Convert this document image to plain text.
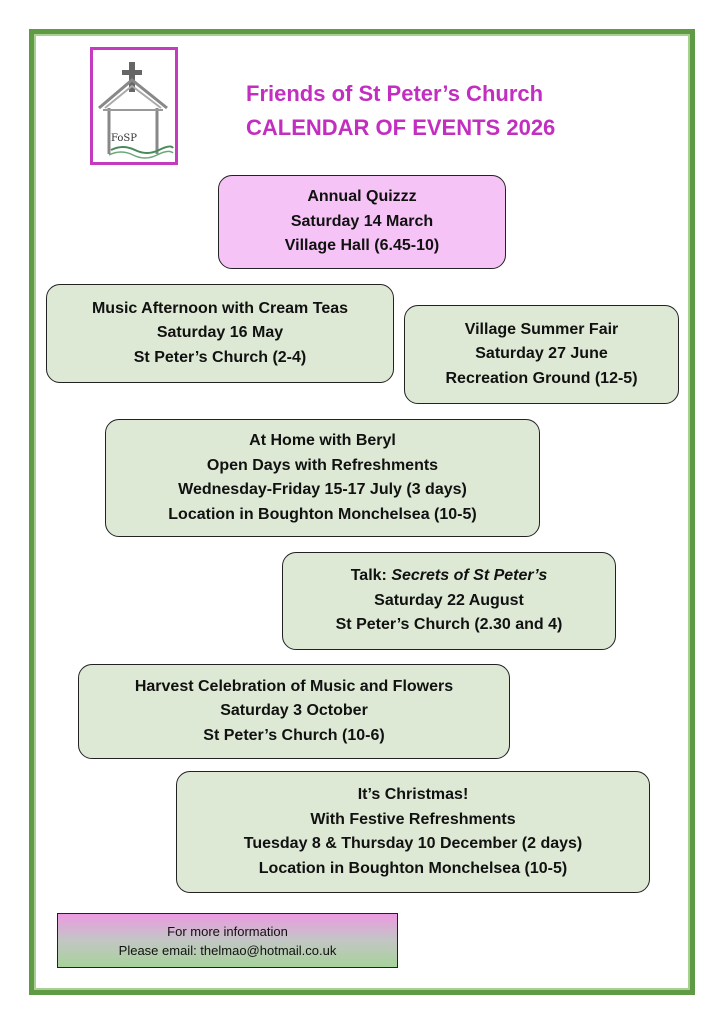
FoSP
Friends of St Peter’s Church
CALENDAR OF EVENTS 2026
Annual Quizzz
Saturday 14 March
Village Hall (6.45-10)
Music Afternoon with Cream Teas
Saturday 16 May
St Peter’s Church (2-4)
Village Summer Fair
Saturday 27 June
Recreation Ground (12-5)
At Home with Beryl
Open Days with Refreshments
Wednesday-Friday 15-17 July (3 days)
Location in Boughton Monchelsea (10-5)
Talk: Secrets of St Peter’s
Saturday 22 August
St Peter’s Church (2.30 and 4)
Harvest Celebration of Music and Flowers
Saturday 3 October
St Peter’s Church (10-6)
It’s Christmas!
With Festive Refreshments
Tuesday 8 & Thursday 10 December (2 days)
Location in Boughton Monchelsea (10-5)
For more information
Please email: thelmao@hotmail.co.uk
